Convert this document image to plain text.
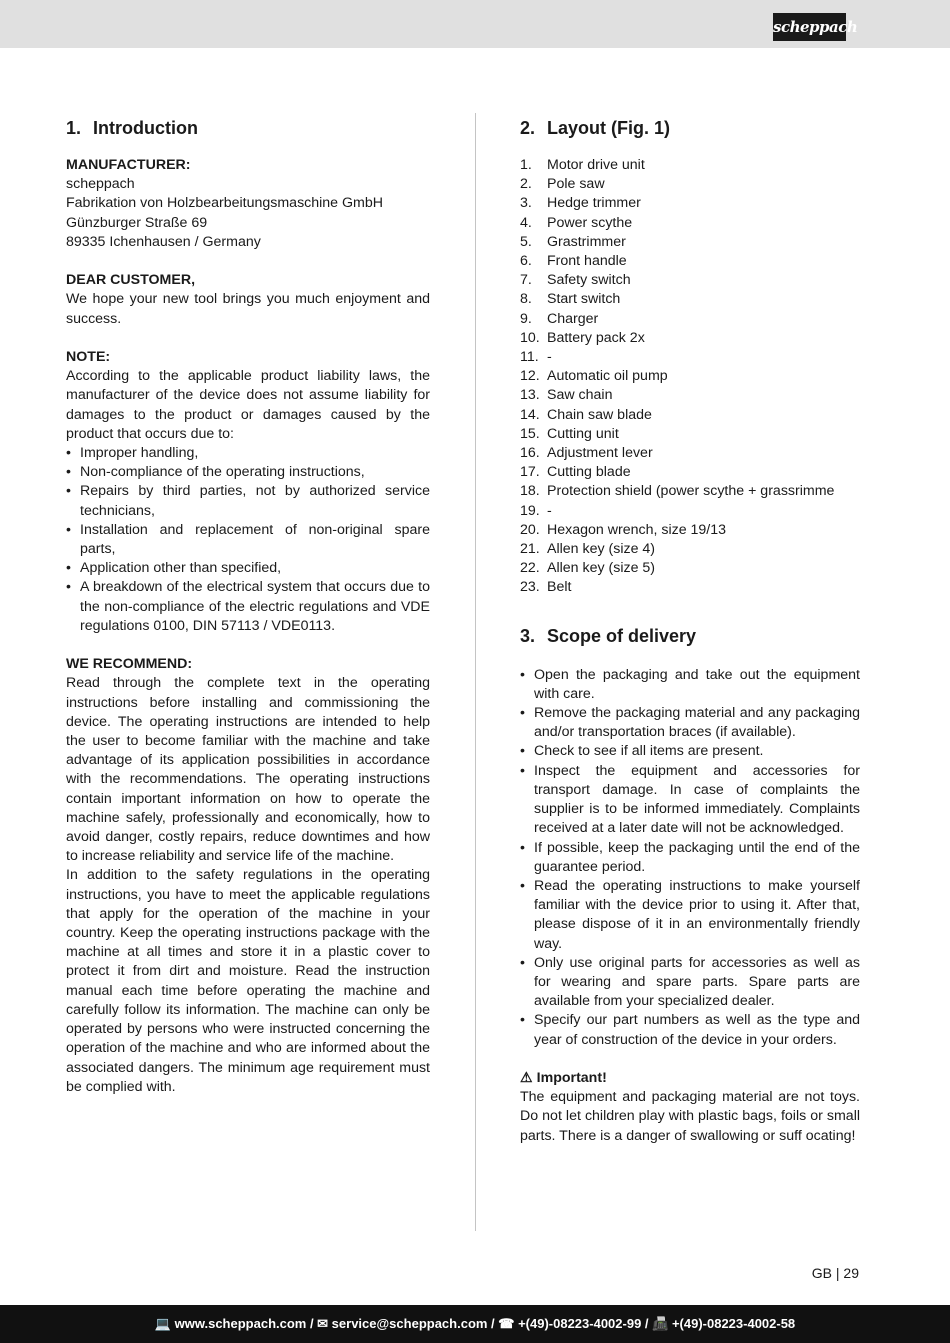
scheppach
1. Introduction
MANUFACTURER:
scheppach
Fabrikation von Holzbearbeitungsmaschine GmbH
Günzburger Straße 69
89335 Ichenhausen / Germany
DEAR CUSTOMER,

We hope your new tool brings you much enjoyment and success.

NOTE:

According to the applicable product liability laws, the manufacturer of the device does not assume liability for damages to the product or damages caused by the product that occurs due to:

• Improper handling,
• Non-compliance of the operating instructions,
• Repairs by third parties, not by authorized service technicians,
• Installation and replacement of non-original spare parts,
• Application other than specified,
• A breakdown of the electrical system that occurs due to the non-compliance of the electric regulations and VDE regulations 0100, DIN 57113 / VDE0113.
WE RECOMMEND:

Read through the complete text in the operating instructions before installing and commissioning the device. The operating instructions are intended to help the user to become familiar with the machine and take advantage of its application possibilities in accordance with the recommendations. The operating instructions contain important information on how to operate the machine safely, professionally and economically, how to avoid danger, costly repairs, reduce downtimes and how to increase reliability and service life of the machine.

In addition to the safety regulations in the operating instructions, you have to meet the applicable regulations that apply for the operation of the machine in your country. Keep the operating instructions package with the machine at all times and store it in a plastic cover to protect it from dirt and moisture. Read the instruction manual each time before operating the machine and carefully follow its information. The machine can only be operated by persons who were instructed concerning the operation of the machine and who are informed about the associated dangers. The minimum age requirement must be complied with.

2. Layout (Fig. 1)
1.	Motor drive unit
2.	Pole saw
3.	Hedge trimmer
4.	Power scythe
5.	Grastrimmer
6.	Front handle
7.	Safety switch
8.	Start switch
9.	Charger
10. Battery pack 2x
11. -
12. Automatic oil pump
13. Saw chain
14. Chain saw blade
15. Cutting unit
16. Adjustment lever
17. Cutting blade
18. Protection shield (power scythe + grassrimme
19. -
20. Hexagon wrench, size 19/13
21. Allen key (size 4)
22. Allen key (size 5)
23. Belt
3. Scope of delivery
• Open the packaging and take out the equipment with care.
• Remove the packaging material and any packaging and/or transportation braces (if available).
• Check to see if all items are present.
• Inspect the equipment and accessories for transport damage. In case of complaints the supplier is to be informed immediately. Complaints received at a later date will not be acknowledged.
• If possible, keep the packaging until the end of the guarantee period.
• Read the operating instructions to make yourself familiar with the device prior to using it. After that, please dispose of it in an environmentally friendly way.
• Only use original parts for accessories as well as for wearing and spare parts. Spare parts are available from your specialized dealer.
• Specify our part numbers as well as the type and year of construction of the device in your orders.
⚠ Important!

The equipment and packaging material are not toys. Do not let children play with plastic bags, foils or small parts. There is a danger of swallowing or suff ocating!

GB | 29
💻 www.scheppach.com / ✉ service@scheppach.com / ☎ +(49)-08223-4002-99 / 📠 +(49)-08223-4002-58
